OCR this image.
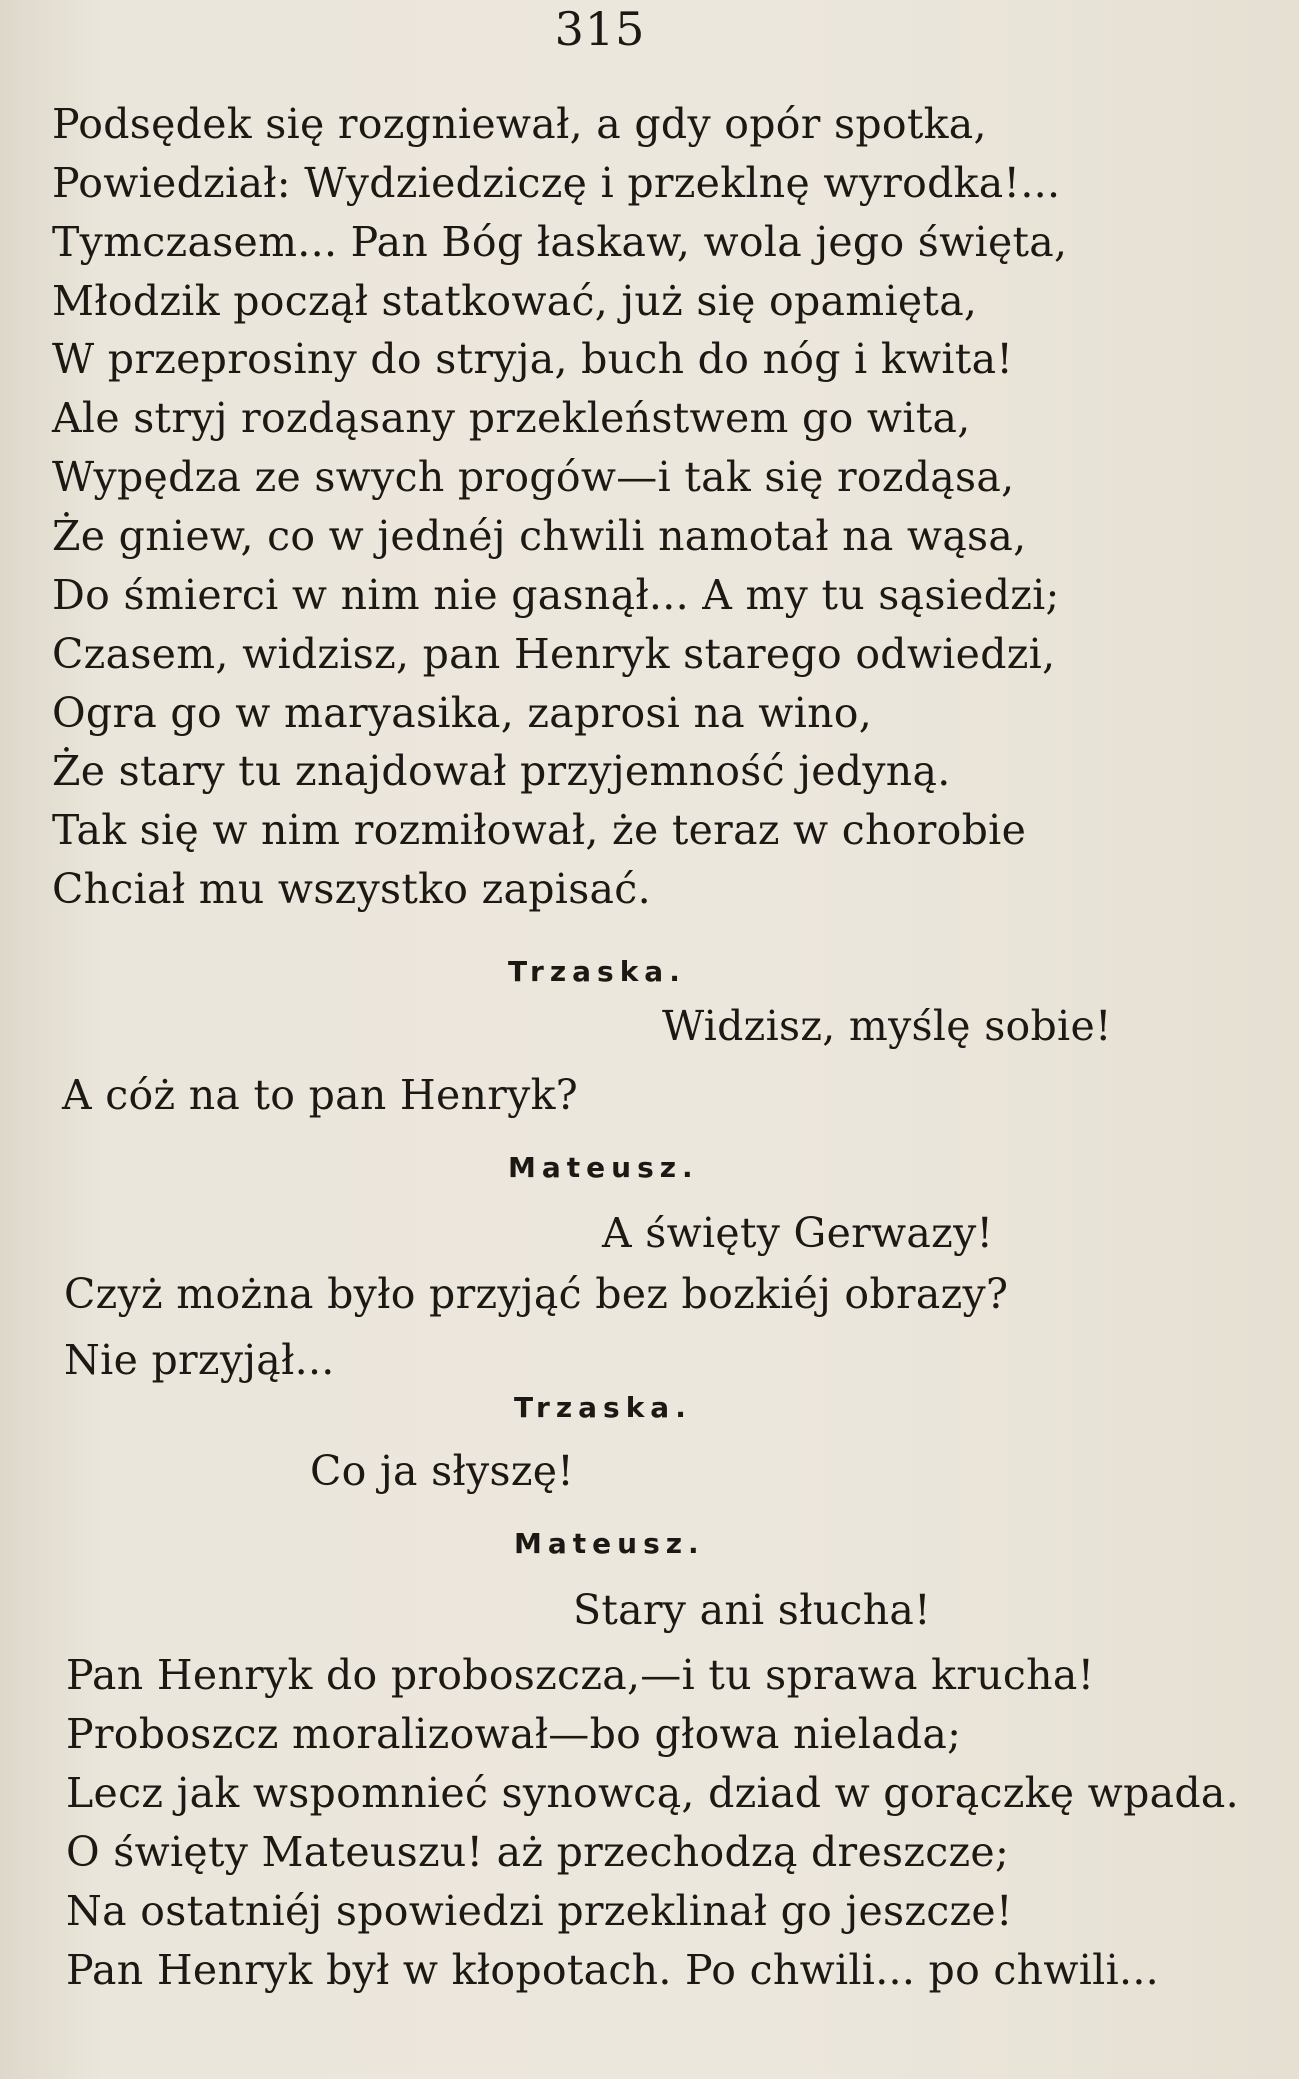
315
Podsędek się rozgniewał, a gdy opór spotka,
Powiedział: Wydziedziczę i przeklnę wyrodka!...
Tymczasem... Pan Bóg łaskaw, wola jego święta,
Młodzik począł statkować, już się opamięta,
W przeprosiny do stryja, buch do nóg i kwita!
Ale stryj rozdąsany przekleństwem go wita,
Wypędza ze swych progów—i tak się rozdąsa,
Że gniew, co w jednéj chwili namotał na wąsa,
Do śmierci w nim nie gasnął... A my tu sąsiedzi;
Czasem, widzisz, pan Henryk starego odwiedzi,
Ogra go w maryasika, zaprosi na wino,
Że stary tu znajdował przyjemność jedyną.
Tak się w nim rozmiłował, że teraz w chorobie
Chciał mu wszystko zapisać.
Trzaska.
Widzisz, myślę sobie!
A cóż na to pan Henryk?
Mateusz.
A święty Gerwazy!
Czyż można było przyjąć bez bozkiéj obrazy?
Nie przyjął...
Trzaska.
Co ja słyszę!
Mateusz.
Stary ani słucha!
Pan Henryk do proboszcza,—i tu sprawa krucha!
Proboszcz moralizował—bo głowa nielada;
Lecz jak wspomnieć synowcą, dziad w gorączkę wpada.
O święty Mateuszu! aż przechodzą dreszcze;
Na ostatniéj spowiedzi przeklinał go jeszcze!
Pan Henryk był w kłopotach. Po chwili... po chwili...
